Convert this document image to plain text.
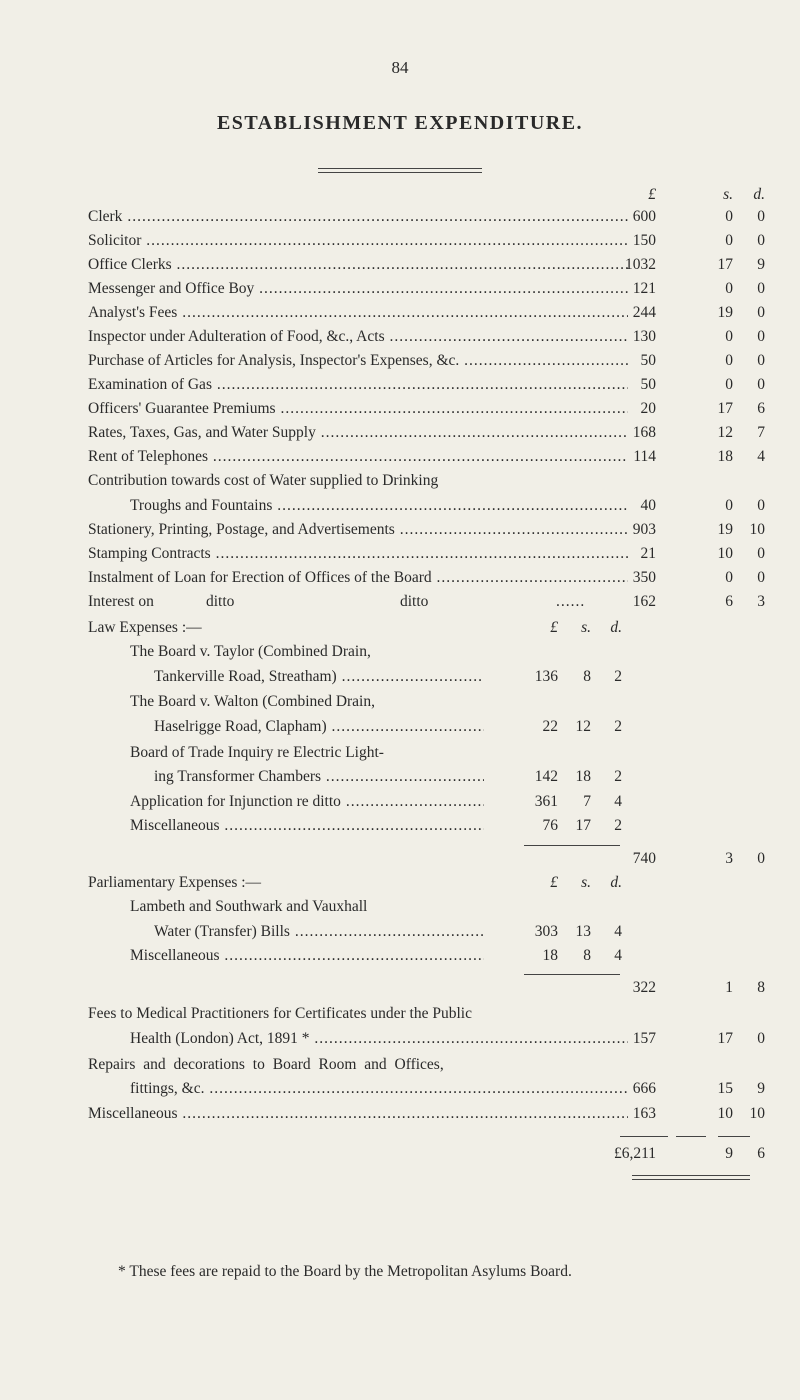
84
ESTABLISHMENT EXPENDITURE.
£	s.	d.
Clerk .....	600	0	0
Solicitor .....	150	0	0
Office Clerks .....	1032	17	9
Messenger and Office Boy .....	121	0	0
Analyst's Fees .....	244	19	0
Inspector under Adulteration of Food, &c., Acts .....	130	0	0
Purchase of Articles for Analysis, Inspector's Expenses, &c. .....	50	0	0
Examination of Gas .....	50	0	0
Officers' Guarantee Premiums .....	20	17	6
Rates, Taxes, Gas, and Water Supply .....	168	12	7
Rent of Telephones .....	114	18	4
Contribution towards cost of Water supplied to Drinking
Troughs and Fountains .....	40	0	0
Stationery, Printing, Postage, and Advertisements .....	903	19	10
Stamping Contracts .....	21	10	0
Instalment of Loan for Erection of Offices of the Board .....	350	0	0
Interest on	ditto	ditto	......	162	6	3
Law Expenses :—	£	s.	d.
The Board v. Taylor (Combined Drain,
Tankerville Road, Streatham) .....	136	8	2
The Board v. Walton (Combined Drain,
Haselrigge Road, Clapham) .....	22	12	2
Board of Trade Inquiry re Electric Light-
ing Transformer Chambers .....	142	18	2
Application for Injunction re ditto .....	361	7	4
Miscellaneous .....	76	17	2
740	3	0
Parliamentary Expenses :—	£	s.	d.
Lambeth and Southwark and Vauxhall
Water (Transfer) Bills .....	303	13	4
Miscellaneous .....	18	8	4
322	1	8
Fees to Medical Practitioners for Certificates under the Public
Health (London) Act, 1891 * .....	157	17	0
Repairs and decorations to Board Room and Offices,
fittings, &c. .....	666	15	9
Miscellaneous .....	163	10	10
£6,211	9	6
* These fees are repaid to the Board by the Metropolitan Asylums Board.
